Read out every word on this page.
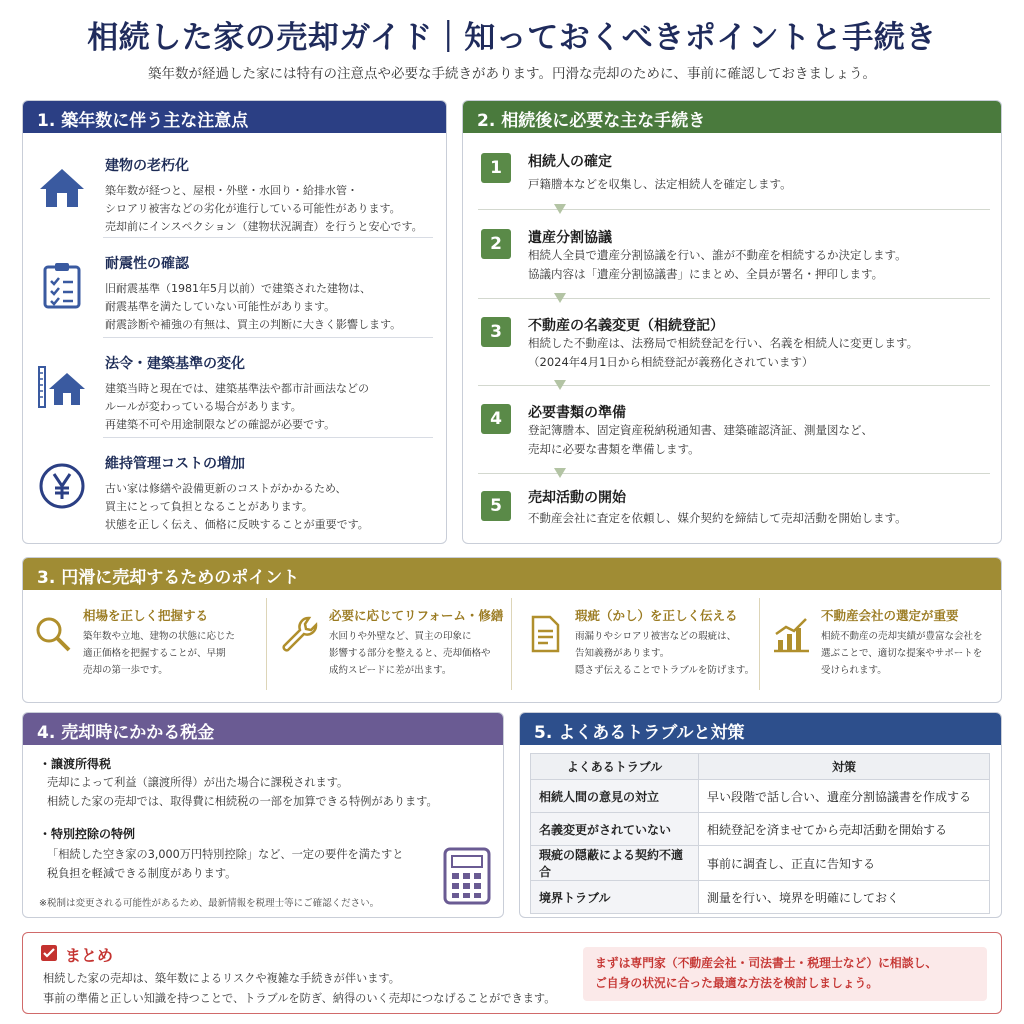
相続した家の売却ガイド｜知っておくべきポイントと手続き
築年数が経過した家には特有の注意点や必要な手続きがあります。円滑な売却のために、事前に確認しておきましょう。
1. 築年数に伴う主な注意点
建物の老朽化

築年数が経つと、屋根・外壁・水回り・給排水管・

シロアリ被害などの劣化が進行している可能性があります。

売却前にインスペクション（建物状況調査）を行うと安心です。

耐震性の確認

旧耐震基準（1981年5月以前）で建築された建物は、

耐震基準を満たしていない可能性があります。

耐震診断や補強の有無は、買主の判断に大きく影響します。

法令・建築基準の変化

建築当時と現在では、建築基準法や都市計画法などの

ルールが変わっている場合があります。

再建築不可や用途制限などの確認が必要です。

維持管理コストの増加

古い家は修繕や設備更新のコストがかかるため、

買主にとって負担となることがあります。

状態を正しく伝え、価格に反映することが重要です。

2. 相続後に必要な主な手続き
1	相続人の確定

戸籍謄本などを収集し、法定相続人を確定します。

2	遺産分割協議

相続人全員で遺産分割協議を行い、誰が不動産を相続するか決定します。

協議内容は「遺産分割協議書」にまとめ、全員が署名・押印します。

3	不動産の名義変更（相続登記）

相続した不動産は、法務局で相続登記を行い、名義を相続人に変更します。

（2024年4月1日から相続登記が義務化されています）

4	必要書類の準備

登記簿謄本、固定資産税納税通知書、建築確認済証、測量図など、

売却に必要な書類を準備します。

5	売却活動の開始

不動産会社に査定を依頼し、媒介契約を締結して売却活動を開始します。

3. 円滑に売却するためのポイント
相場を正しく把握する

築年数や立地、建物の状態に応じた

適正価格を把握することが、早期

売却の第一歩です。

必要に応じてリフォーム・修繕

水回りや外壁など、買主の印象に

影響する部分を整えると、売却価格や

成約スピードに差が出ます。

瑕疵（かし）を正しく伝える

雨漏りやシロアリ被害などの瑕疵は、

告知義務があります。

隠さず伝えることでトラブルを防げます。

不動産会社の選定が重要

相続不動産の売却実績が豊富な会社を

選ぶことで、適切な提案やサポートを

受けられます。

4. 売却時にかかる税金
・譲渡所得税

売却によって利益（譲渡所得）が出た場合に課税されます。

相続した家の売却では、取得費に相続税の一部を加算できる特例があります。

・特別控除の特例

「相続した空き家の3,000万円特別控除」など、一定の要件を満たすと

税負担を軽減できる制度があります。

※税制は変更される可能性があるため、最新情報を税理士等にご確認ください。
5. よくあるトラブルと対策
よくあるトラブル	対策
相続人間の意見の対立	早い段階で話し合い、遺産分割協議書を作成する
名義変更がされていない	相続登記を済ませてから売却活動を開始する
瑕疵の隠蔽による契約不適合	事前に調査し、正直に告知する
境界トラブル	測量を行い、境界を明確にしておく
まとめ
相続した家の売却は、築年数によるリスクや複雑な手続きが伴います。
事前の準備と正しい知識を持つことで、トラブルを防ぎ、納得のいく売却につなげることができます。
まずは専門家（不動産会社・司法書士・税理士など）に相談し、
ご自身の状況に合った最適な方法を検討しましょう。
